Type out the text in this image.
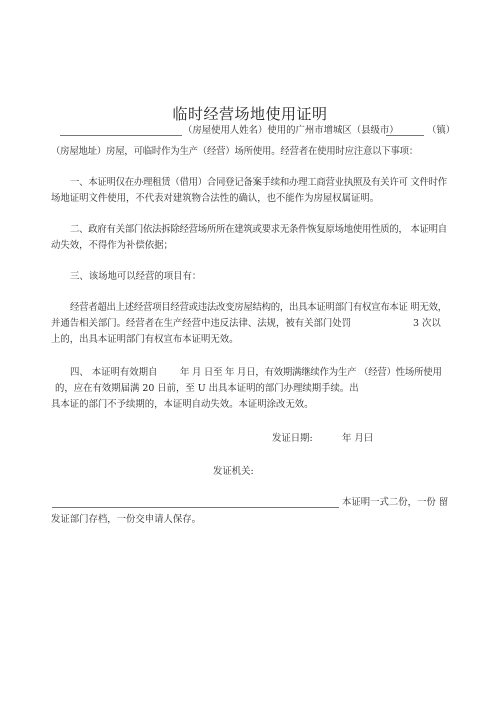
临时经营场地使用证明
（房屋使用人姓名）使用的广州市增城区（县级市）	（镇）
（房屋地址）房屋，可临时作为生产（经营）场所使用。经营者在使用时应注意以下事项：
一、本证明仅在办理租赁（借用）合同登记备案手续和办理工商营业执照及有关许可 文件时作
场地证明文件使用，不代表对建筑物合法性的确认，也不能作为房屋权属证明。
二、政府有关部门依法拆除经营场所所在建筑或要求无条件恢复原场地使用性质的， 本证明自
动失效，不得作为补偿依据；
三、该场地可以经营的项目有：
经营者超出上述经营项目经营或违法改变房屋结构的，出具本证明部门有权宣布本证 明无效，
并通告相关部门。经营者在生产经营中违反法律、法规，被有关部门处罚	3 次以
上的，出具本证明部门有权宣布本证明无效。
四、 本证明有效期自 年 月 日至 年 月日，有效期满继续作为生产 （经营）性场所使用
的，应在有效期届满 20 日前，至 U 出具本证明的部门办理续期手续。出
具本证的部门不予续期的，本证明自动失效。本证明涂改无效。
发证日期:	年 月曰
发证机关:
本证明一式二份，一份 留
发证部门存档，一份交申请人保存。
